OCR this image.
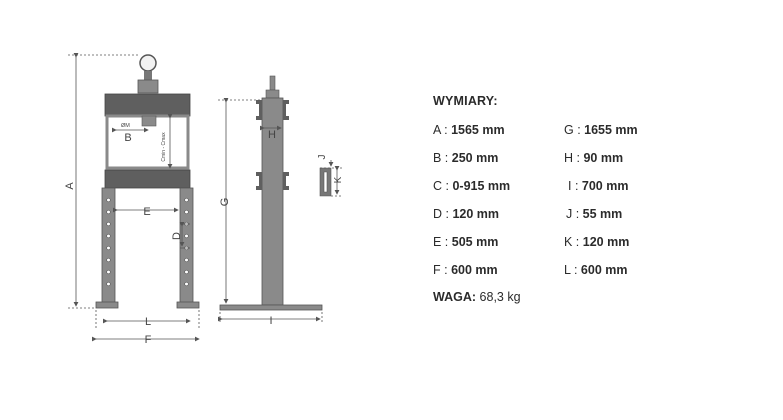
A
B
ØM
Cmin - Cmax
E
D
L
F
G
H
I
J
K
WYMIARY:
A : 1565 mm
B : 250 mm
C : 0-915 mm
D : 120 mm
E : 505 mm
F : 600 mm
G : 1655 mm
H : 90 mm
I : 700 mm
J : 55 mm
K : 120 mm
L : 600 mm
WAGA: 68,3 kg
